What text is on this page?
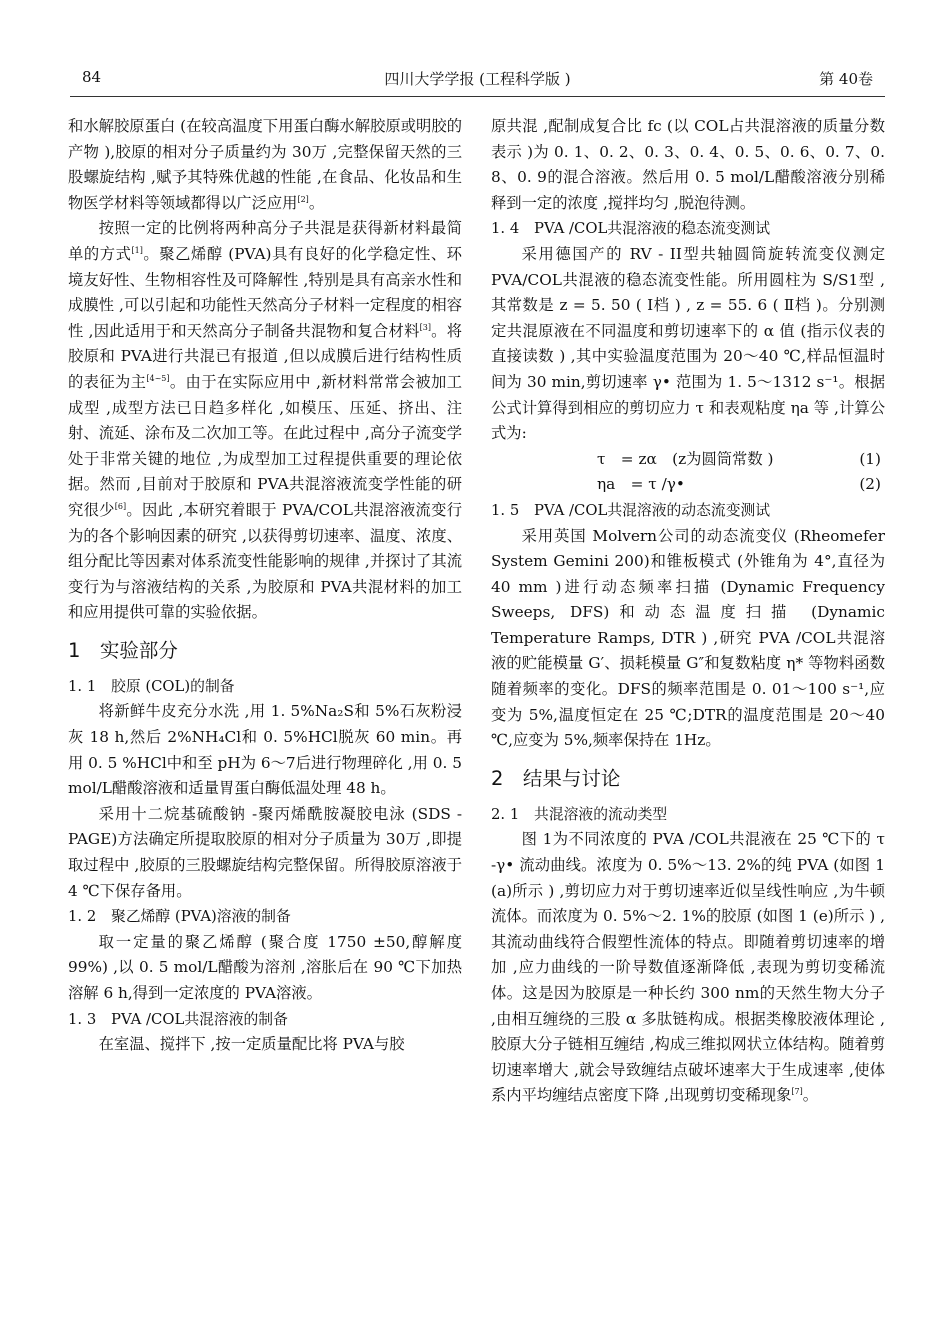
84	四川大学学报 (工程科学版 )	第 40卷

和水解胶原蛋白 (在较高温度下用蛋白酶水解胶原或明胶的产物 ),胶原的相对分子质量约为 30万 ,完整保留天然的三股螺旋结构 ,赋予其特殊优越的性能 ,在食品、化妆品和生物医学材料等领域都得以广泛应用[2]。

按照一定的比例将两种高分子共混是获得新材料最简单的方式[1]。聚乙烯醇 (PVA)具有良好的化学稳定性、环境友好性、生物相容性及可降解性 ,特别是具有高亲水性和成膜性 ,可以引起和功能性天然高分子材料一定程度的相容性 ,因此适用于和天然高分子制备共混物和复合材料[3]。将胶原和 PVA进行共混已有报道 ,但以成膜后进行结构性质的表征为主[4~5]。由于在实际应用中 ,新材料常常会被加工成型 ,成型方法已日趋多样化 ,如模压、压延、挤出、注射、流延、涂布及二次加工等。在此过程中 ,高分子流变学处于非常关键的地位 ,为成型加工过程提供重要的理论依据。然而 ,目前对于胶原和 PVA共混溶液流变学性能的研究很少[6]。因此 ,本研究着眼于 PVA/COL共混溶液流变行为的各个影响因素的研究 ,以获得剪切速率、温度、浓度、组分配比等因素对体系流变性能影响的规律 ,并探讨了其流变行为与溶液结构的关系 ,为胶原和 PVA共混材料的加工和应用提供可靠的实验依据。

1　实验部分
1. 1　胶原 (COL)的制备

将新鲜牛皮充分水洗 ,用 1. 5%Na₂S和 5%石灰粉浸灰 18 h,然后 2%NH₄Cl和 0. 5%HCl脱灰 60 min。再用 0. 5 %HCl中和至 pH为 6～7后进行物理碎化 ,用 0. 5 mol/L醋酸溶液和适量胃蛋白酶低温处理 48 h。

采用十二烷基硫酸钠 -聚丙烯酰胺凝胶电泳 (SDS - PAGE)方法确定所提取胶原的相对分子质量为 30万 ,即提取过程中 ,胶原的三股螺旋结构完整保留。所得胶原溶液于 4 ℃下保存备用。

1. 2　聚乙烯醇 (PVA)溶液的制备

取一定量的聚乙烯醇 (聚合度 1750 ±50,醇解度 99%) ,以 0. 5 mol/L醋酸为溶剂 ,溶胀后在 90 ℃下加热溶解 6 h,得到一定浓度的 PVA溶液。

1. 3　PVA /COL共混溶液的制备

在室温、搅拌下 ,按一定质量配比将 PVA与胶

原共混 ,配制成复合比 fc (以 COL占共混溶液的质量分数表示 )为 0. 1、0. 2、0. 3、0. 4、0. 5、0. 6、0. 7、0. 8、0. 9的混合溶液。然后用 0. 5 mol/L醋酸溶液分别稀释到一定的浓度 ,搅拌均匀 ,脱泡待测。

1. 4　PVA /COL共混溶液的稳态流变测试

采用德国产的 RV - II型共轴圆筒旋转流变仪测定 PVA/COL共混液的稳态流变性能。所用圆柱为 S/S1型 ,其常数是 z = 5. 50 ( Ⅰ档 ) , z = 55. 6 ( Ⅱ档 )。分别测定共混原液在不同温度和剪切速率下的 α 值 (指示仪表的直接读数 ) ,其中实验温度范围为 20～40 ℃,样品恒温时间为 30 min,剪切速率 γ• 范围为 1. 5～1312 s⁻¹。根据公式计算得到相应的剪切应力 τ 和表观粘度 ηa 等 ,计算公式为:

τ　= zα　(z为圆筒常数 )	(1)
ηa　= τ /γ•	(2)
1. 5　PVA /COL共混溶液的动态流变测试

采用英国 Molvern公司的动态流变仪 (Rheomefer System Gemini 200)和锥板模式 (外锥角为 4°,直径为 40 mm )进行动态频率扫描 (Dynamic Frequency Sweeps, DFS)和动态温度扫描 (Dynamic Temperature Ramps, DTR ) ,研究 PVA /COL共混溶液的贮能模量 G′、损耗模量 G″和复数粘度 η* 等物料函数随着频率的变化。DFS的频率范围是 0. 01～100 s⁻¹,应变为 5%,温度恒定在 25 ℃;DTR的温度范围是 20～40 ℃,应变为 5%,频率保持在 1Hz。

2　结果与讨论
2. 1　共混溶液的流动类型

图 1为不同浓度的 PVA /COL共混液在 25 ℃下的 τ -γ• 流动曲线。浓度为 0. 5%～13. 2%的纯 PVA (如图 1 (a)所示 ) ,剪切应力对于剪切速率近似呈线性响应 ,为牛顿流体。而浓度为 0. 5%～2. 1%的胶原 (如图 1 (e)所示 ) ,其流动曲线符合假塑性流体的特点。即随着剪切速率的增加 ,应力曲线的一阶导数值逐渐降低 ,表现为剪切变稀流体。这是因为胶原是一种长约 300 nm的天然生物大分子 ,由相互缠绕的三股 α 多肽链构成。根据类橡胶液体理论 ,胶原大分子链相互缠结 ,构成三维拟网状立体结构。随着剪切速率增大 ,就会导致缠结点破坏速率大于生成速率 ,使体系内平均缠结点密度下降 ,出现剪切变稀现象[7]。
